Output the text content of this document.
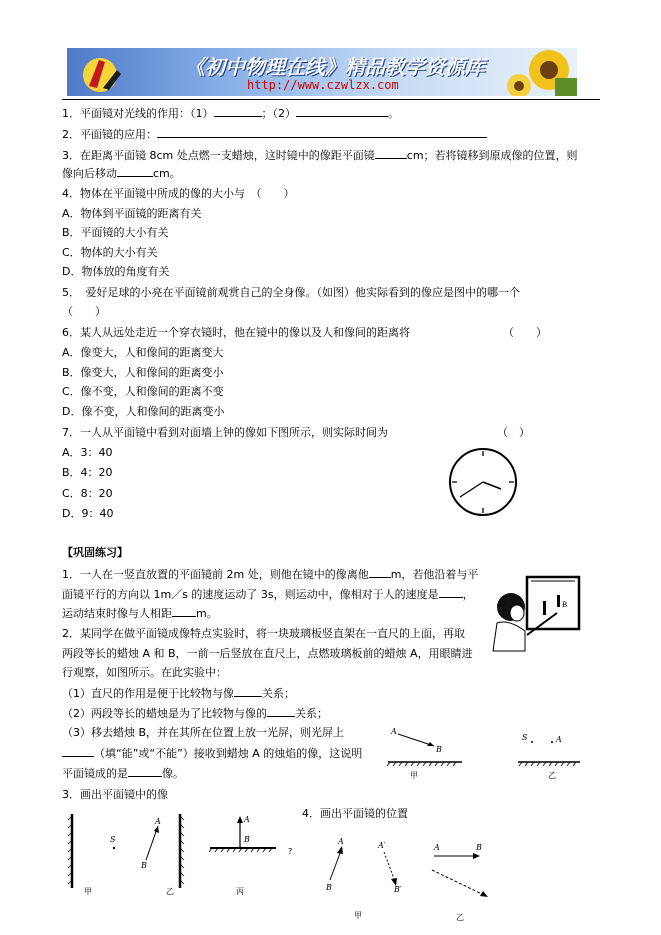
《初中物理在线》精品教学资源库
http://www.czwlzx.com
1．平面镜对光线的作用：（1）	；（2）	。
2．平面镜的应用：
3．在距离平面镜 8cm 处点燃一支蜡烛，这时镜中的像距平面镜	cm；若将镜移到原成像的位置，则
像向后移动	cm。
4．物体在平面镜中所成的像的大小与　（　　）
A．物体到平面镜的距离有关
B．平面镜的大小有关
C．物体的大小有关
D．物体放的角度有关
5．　爱好足球的小亮在平面镜前观赏自己的全身像。（如图）他实际看到的像应是图中的哪一个
（　　）
6．某人从远处走近一个穿衣镜时，他在镜中的像以及人和像间的距离将	（　　）
A．像变大，人和像间的距离变大
B．像变大，人和像间的距离变小
C．像不变，人和像间的距离不变
D．像不变，人和像间的距离变小
7．一人从平面镜中看到对面墙上钟的像如下图所示，则实际时间为	（　）
A．3：40
B．4：20
C．8：20
D．9：40
【巩固练习】
1．一人在一竖直放置的平面镜前 2m 处，则他在镜中的像离他 m，若他沿着与平
面镜平行的方向以 1m／s 的速度运动了 3s，则运动中，像相对于人的速度是 ，
运动结束时像与人相距 m。
2．某同学在做平面镜成像特点实验时，将一块玻璃板竖直架在一直尺的上面，再取
两段等长的蜡烛 A 和 B，一前一后竖放在直尺上，点燃玻璃板前的蜡烛 A，用眼睛进
行观察，如图所示。在此实验中：
（1）直尺的作用是便于比较物与像	关系；
（2）两段等长的蜡烛是为了比较物与像的	关系；
（3）移去蜡烛 B，并在其所在位置上放一光屏，则光屏上
（填“能”或“不能”）接收到蜡烛 A 的烛焰的像，这说明
平面镜成的是	像。
3．画出平面镜中的像
4．画出平面镜的位置
B
A
B
甲
S	A
乙
S
甲
A
B
乙
A
B
?
丙
A
B
A′
B′
甲
A	B
乙
